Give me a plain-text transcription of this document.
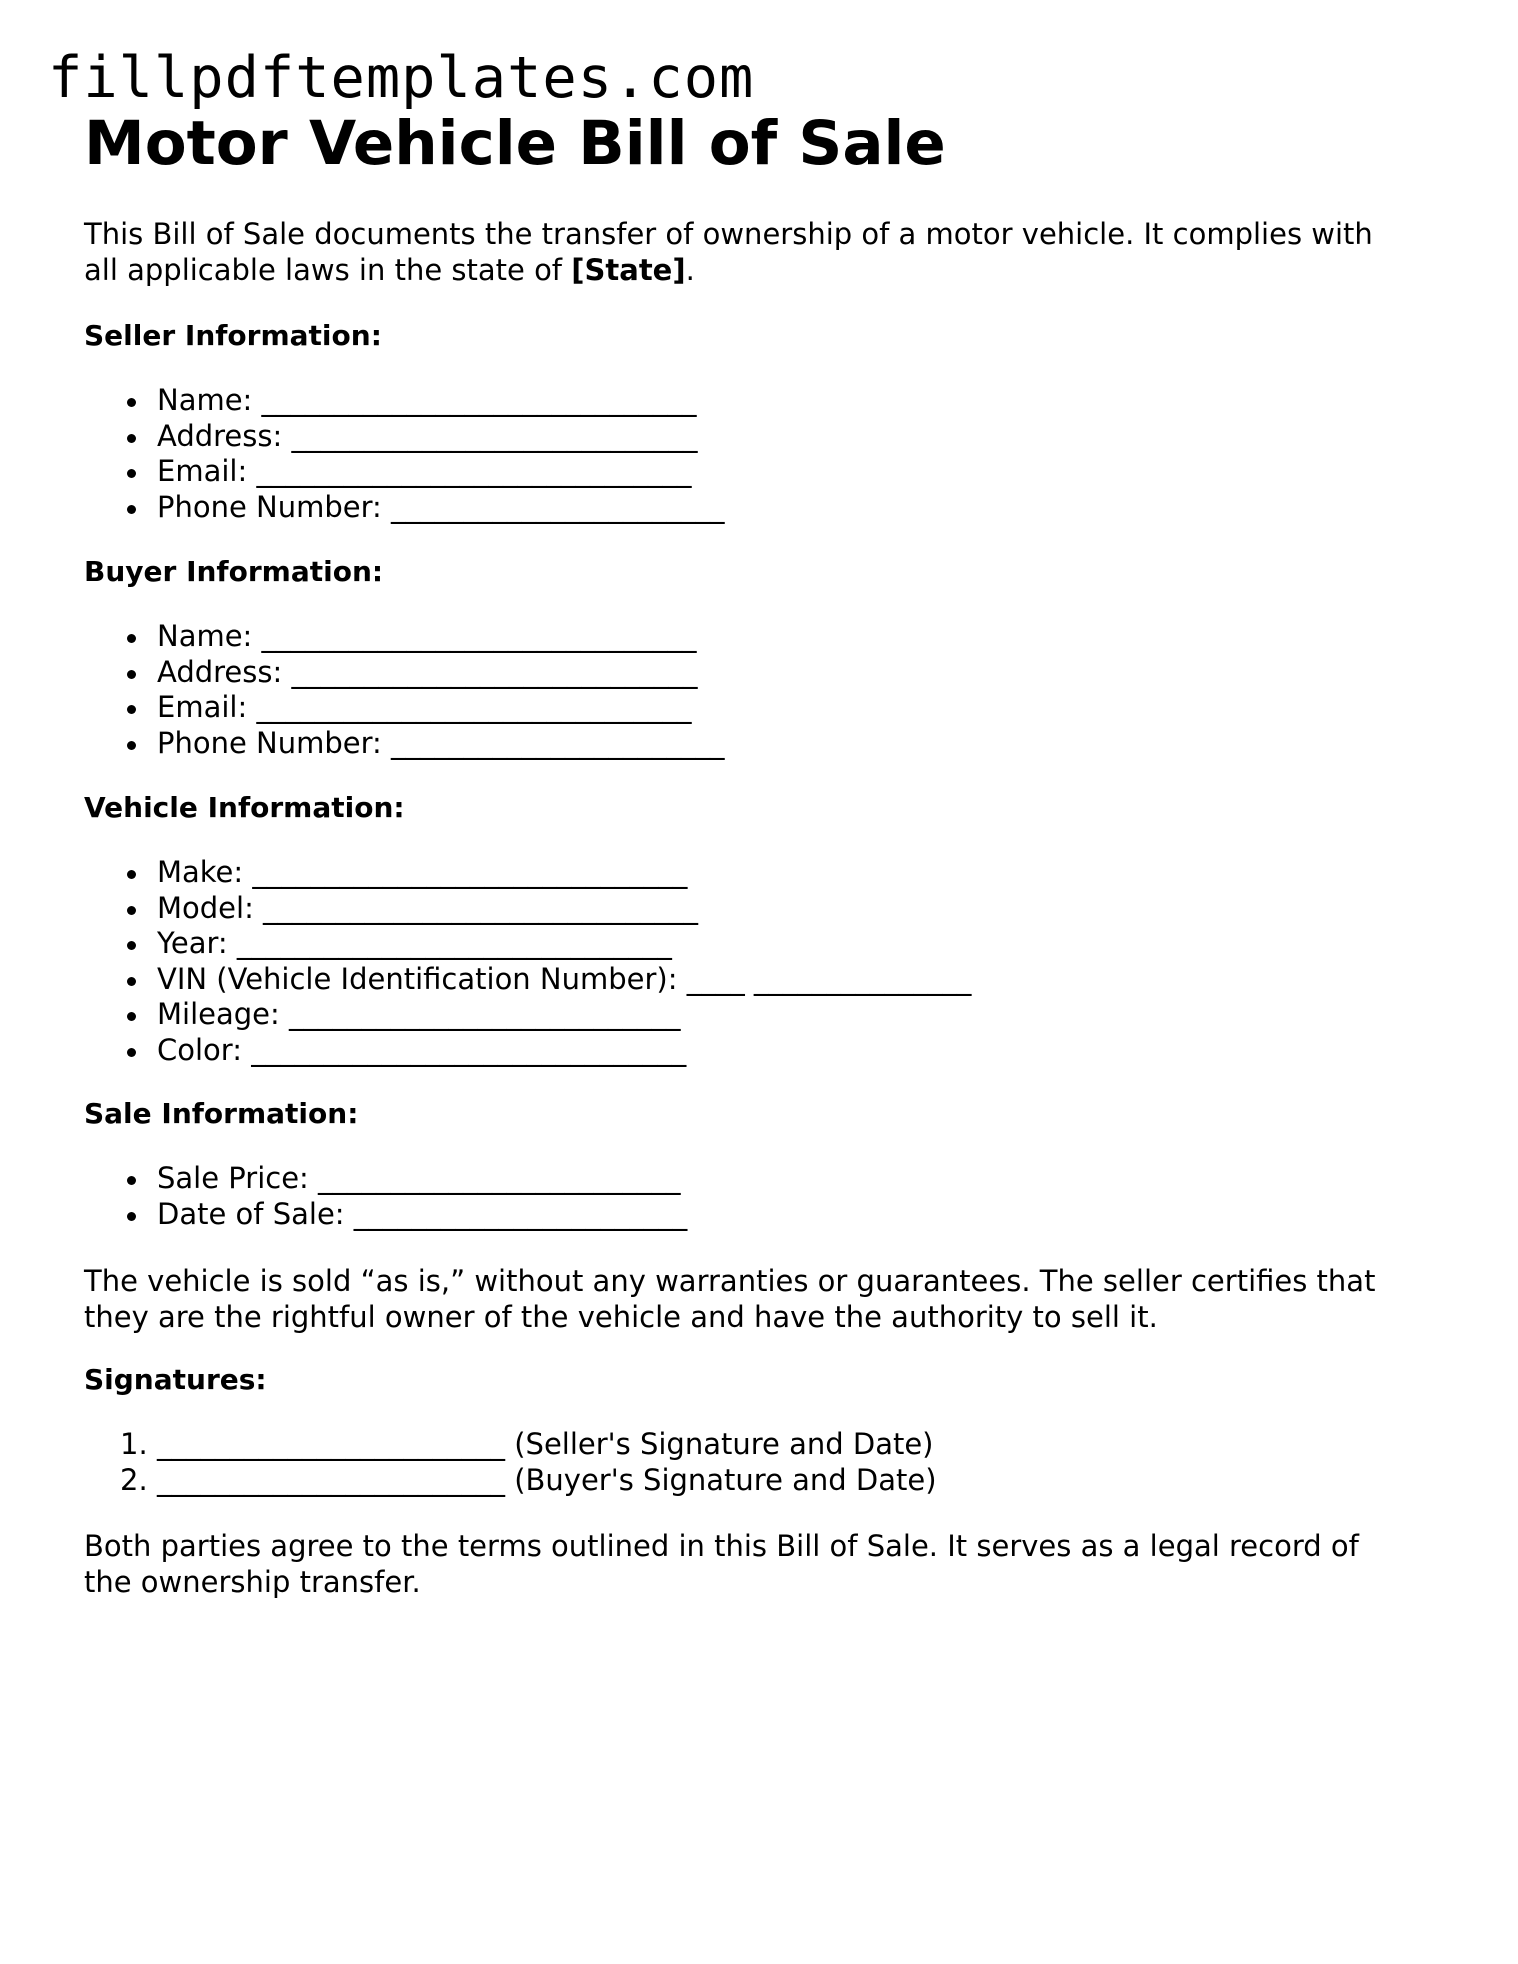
fillpdftemplates.com
Motor Vehicle Bill of Sale

This Bill of Sale documents the transfer of ownership of a motor vehicle. It complies with all applicable laws in the state of [State].

Seller Information:
Name: ______________________________
Address: ____________________________
Email: ______________________________
Phone Number: _______________________
Buyer Information:
Name: ______________________________
Address: ____________________________
Email: ______________________________
Phone Number: _______________________
Vehicle Information:
Make: ______________________________
Model: ______________________________
Year: ______________________________
VIN (Vehicle Identification Number): ____ _______________
Mileage: ___________________________
Color: ______________________________
Sale Information:
Sale Price: _________________________
Date of Sale: _______________________

The vehicle is sold “as is,” without any warranties or guarantees. The seller certifies that they are the rightful owner of the vehicle and have the authority to sell it.

Signatures:
1. ________________________ (Seller's Signature and Date)
2. ________________________ (Buyer's Signature and Date)

Both parties agree to the terms outlined in this Bill of Sale. It serves as a legal record of the ownership transfer.
